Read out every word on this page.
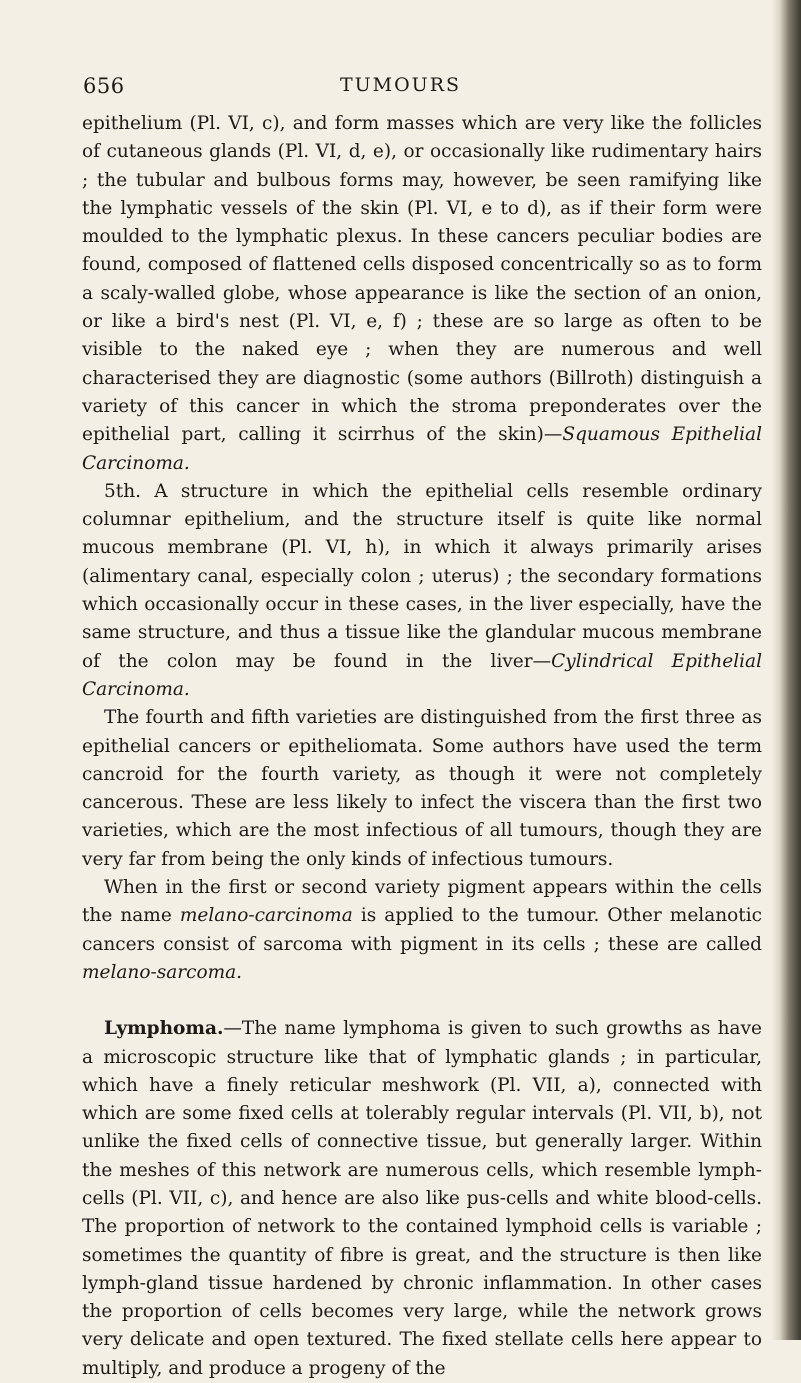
656	TUMOURS

epithelium (Pl. VI, c), and form masses which are very like the follicles of cutaneous glands (Pl. VI, d, e), or occasionally like rudimentary hairs ; the tubular and bulbous forms may, however, be seen ramifying like the lymphatic vessels of the skin (Pl. VI, e to d), as if their form were moulded to the lymphatic plexus. In these cancers peculiar bodies are found, composed of flattened cells disposed concentrically so as to form a scaly-walled globe, whose appearance is like the section of an onion, or like a bird's nest (Pl. VI, e, f) ; these are so large as often to be visible to the naked eye ; when they are numerous and well characterised they are diagnostic (some authors (Billroth) distinguish a variety of this cancer in which the stroma preponderates over the epithelial part, calling it scirrhus of the skin)—Squamous Epithelial Carcinoma.

5th. A structure in which the epithelial cells resemble ordinary columnar epithelium, and the structure itself is quite like normal mucous membrane (Pl. VI, h), in which it always primarily arises (alimentary canal, especially colon ; uterus) ; the secondary formations which occasionally occur in these cases, in the liver especially, have the same structure, and thus a tissue like the glandular mucous membrane of the colon may be found in the liver—Cylindrical Epithelial Carcinoma.

The fourth and fifth varieties are distinguished from the first three as epithelial cancers or epitheliomata. Some authors have used the term cancroid for the fourth variety, as though it were not completely cancerous. These are less likely to infect the viscera than the first two varieties, which are the most infectious of all tumours, though they are very far from being the only kinds of infectious tumours.

When in the first or second variety pigment appears within the cells the name melano-carcinoma is applied to the tumour. Other melanotic cancers consist of sarcoma with pigment in its cells ; these are called melano-sarcoma.

Lymphoma.—The name lymphoma is given to such growths as have a microscopic structure like that of lymphatic glands ; in particular, which have a finely reticular meshwork (Pl. VII, a), connected with which are some fixed cells at tolerably regular intervals (Pl. VII, b), not unlike the fixed cells of connective tissue, but generally larger. Within the meshes of this network are numerous cells, which resemble lymph-cells (Pl. VII, c), and hence are also like pus-cells and white blood-cells. The proportion of network to the contained lymphoid cells is variable ; sometimes the quantity of fibre is great, and the structure is then like lymph-gland tissue hardened by chronic inflammation. In other cases the proportion of cells becomes very large, while the network grows very delicate and open textured. The fixed stellate cells here appear to multiply, and produce a progeny of the
